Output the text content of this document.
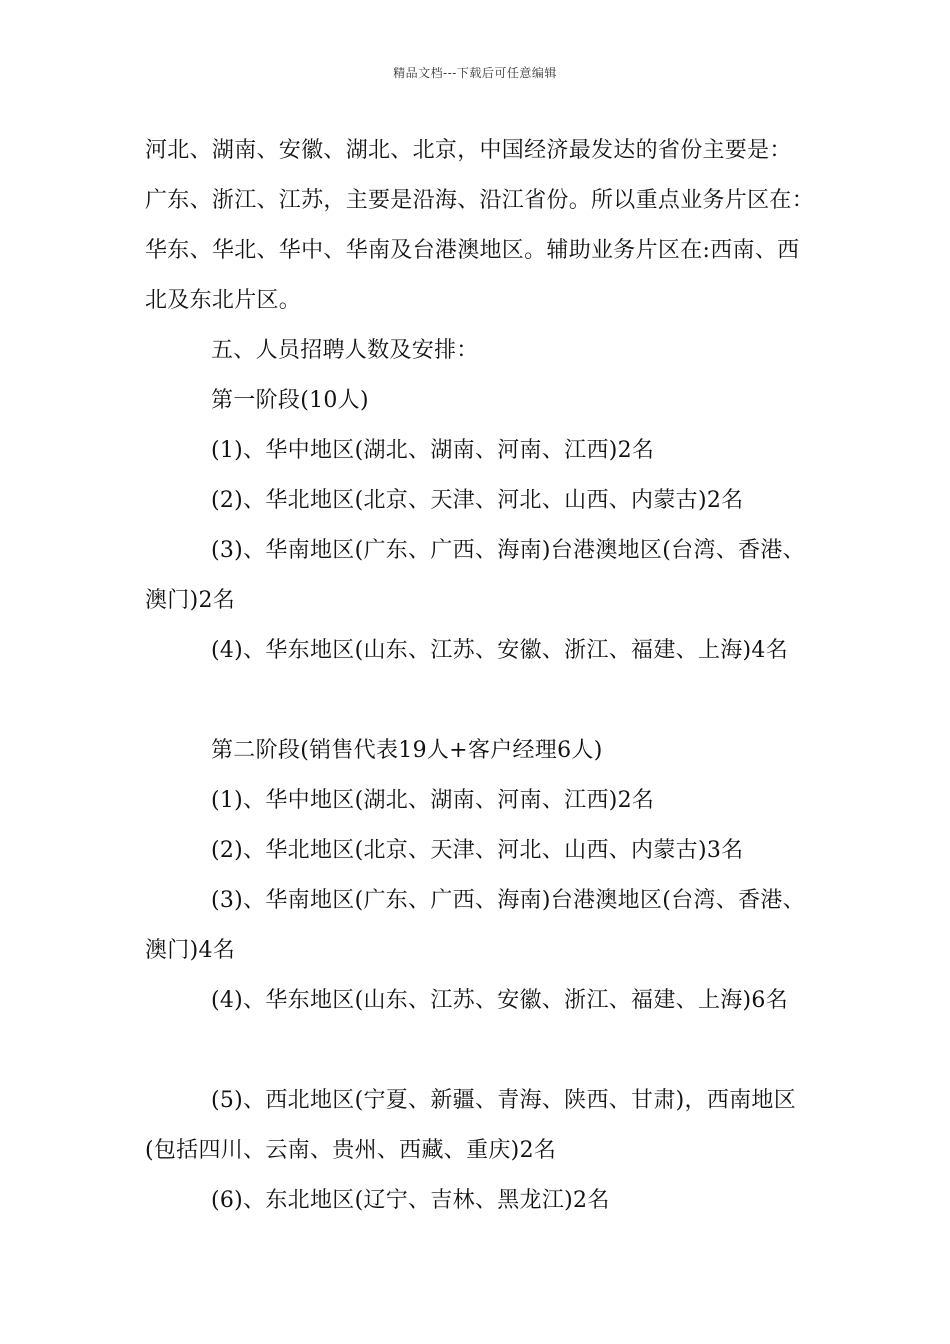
精品文档---下载后可任意编辑
河北、湖南、安徽、湖北、北京，中国经济最发达的省份主要是：
广东、浙江、江苏，主要是沿海、沿江省份。所以重点业务片区在：
华东、华北、华中、华南及台港澳地区。辅助业务片区在:西南、西
北及东北片区。
五、人员招聘人数及安排：
第一阶段(10人)
(1)、华中地区(湖北、湖南、河南、江西)2名
(2)、华北地区(北京、天津、河北、山西、内蒙古)2名
(3)、华南地区(广东、广西、海南)台港澳地区(台湾、香港、
澳门)2名
(4)、华东地区(山东、江苏、安徽、浙江、福建、上海)4名
第二阶段(销售代表19人+客户经理6人)
(1)、华中地区(湖北、湖南、河南、江西)2名
(2)、华北地区(北京、天津、河北、山西、内蒙古)3名
(3)、华南地区(广东、广西、海南)台港澳地区(台湾、香港、
澳门)4名
(4)、华东地区(山东、江苏、安徽、浙江、福建、上海)6名
(5)、西北地区(宁夏、新疆、青海、陕西、甘肃)，西南地区
(包括四川、云南、贵州、西藏、重庆)2名
(6)、东北地区(辽宁、吉林、黑龙江)2名
